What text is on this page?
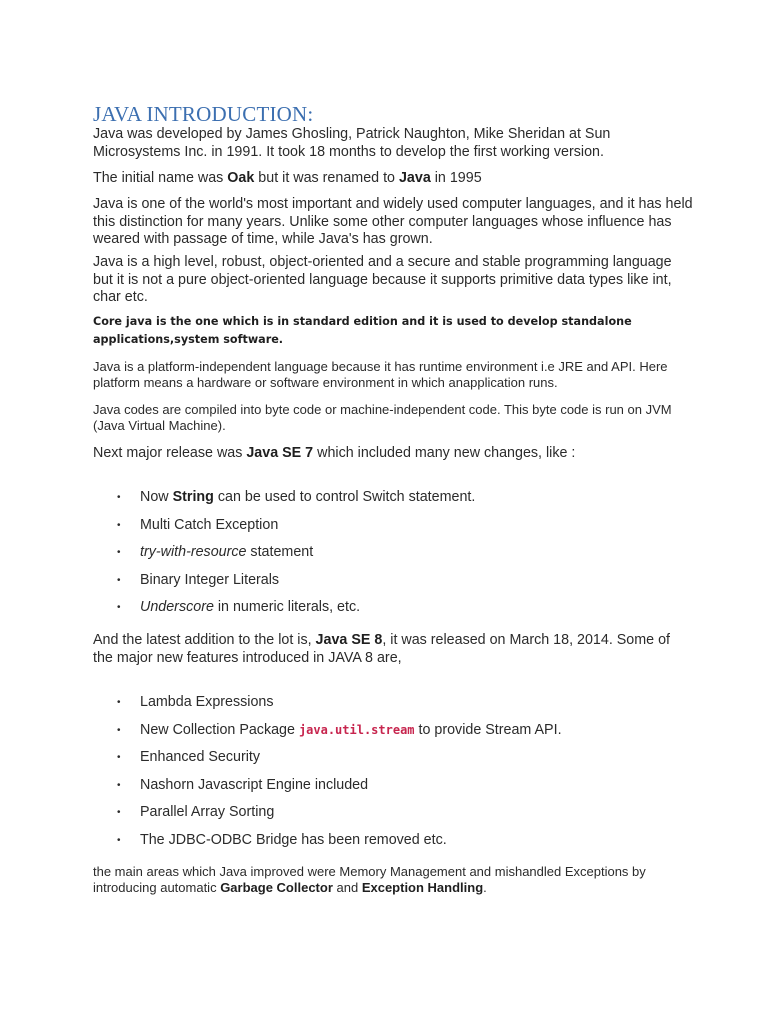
JAVA INTRODUCTION:

Java was developed by James Ghosling, Patrick Naughton, Mike Sheridan at Sun Microsystems Inc. in 1991. It took 18 months to develop the first working version.

The initial name was Oak but it was renamed to Java in 1995

Java is one of the world's most important and widely used computer languages, and it has held this distinction for many years. Unlike some other computer languages whose influence has weared with passage of time, while Java's has grown.

Java is a high level, robust, object-oriented and a secure and stable programming language but it is not a pure object-oriented language because it supports primitive data types like int, char etc.

Core java is the one which is in standard edition and it is used to develop standalone applications,system software.

Java is a platform-independent language because it has runtime environment i.e JRE and API. Here platform means a hardware or software environment in which anapplication runs.

Java codes are compiled into byte code or machine-independent code. This byte code is run on JVM (Java Virtual Machine).

Next major release was Java SE 7 which included many new changes, like :

• Now String can be used to control Switch statement.
• Multi Catch Exception
• try-with-resource statement
• Binary Integer Literals
• Underscore in numeric literals, etc.

And the latest addition to the lot is, Java SE 8, it was released on March 18, 2014. Some of the major new features introduced in JAVA 8 are,

• Lambda Expressions
• New Collection Package java.util.stream to provide Stream API.
• Enhanced Security
• Nashorn Javascript Engine included
• Parallel Array Sorting
• The JDBC-ODBC Bridge has been removed etc.

the main areas which Java improved were Memory Management and mishandled Exceptions by introducing automatic Garbage Collector and Exception Handling.
